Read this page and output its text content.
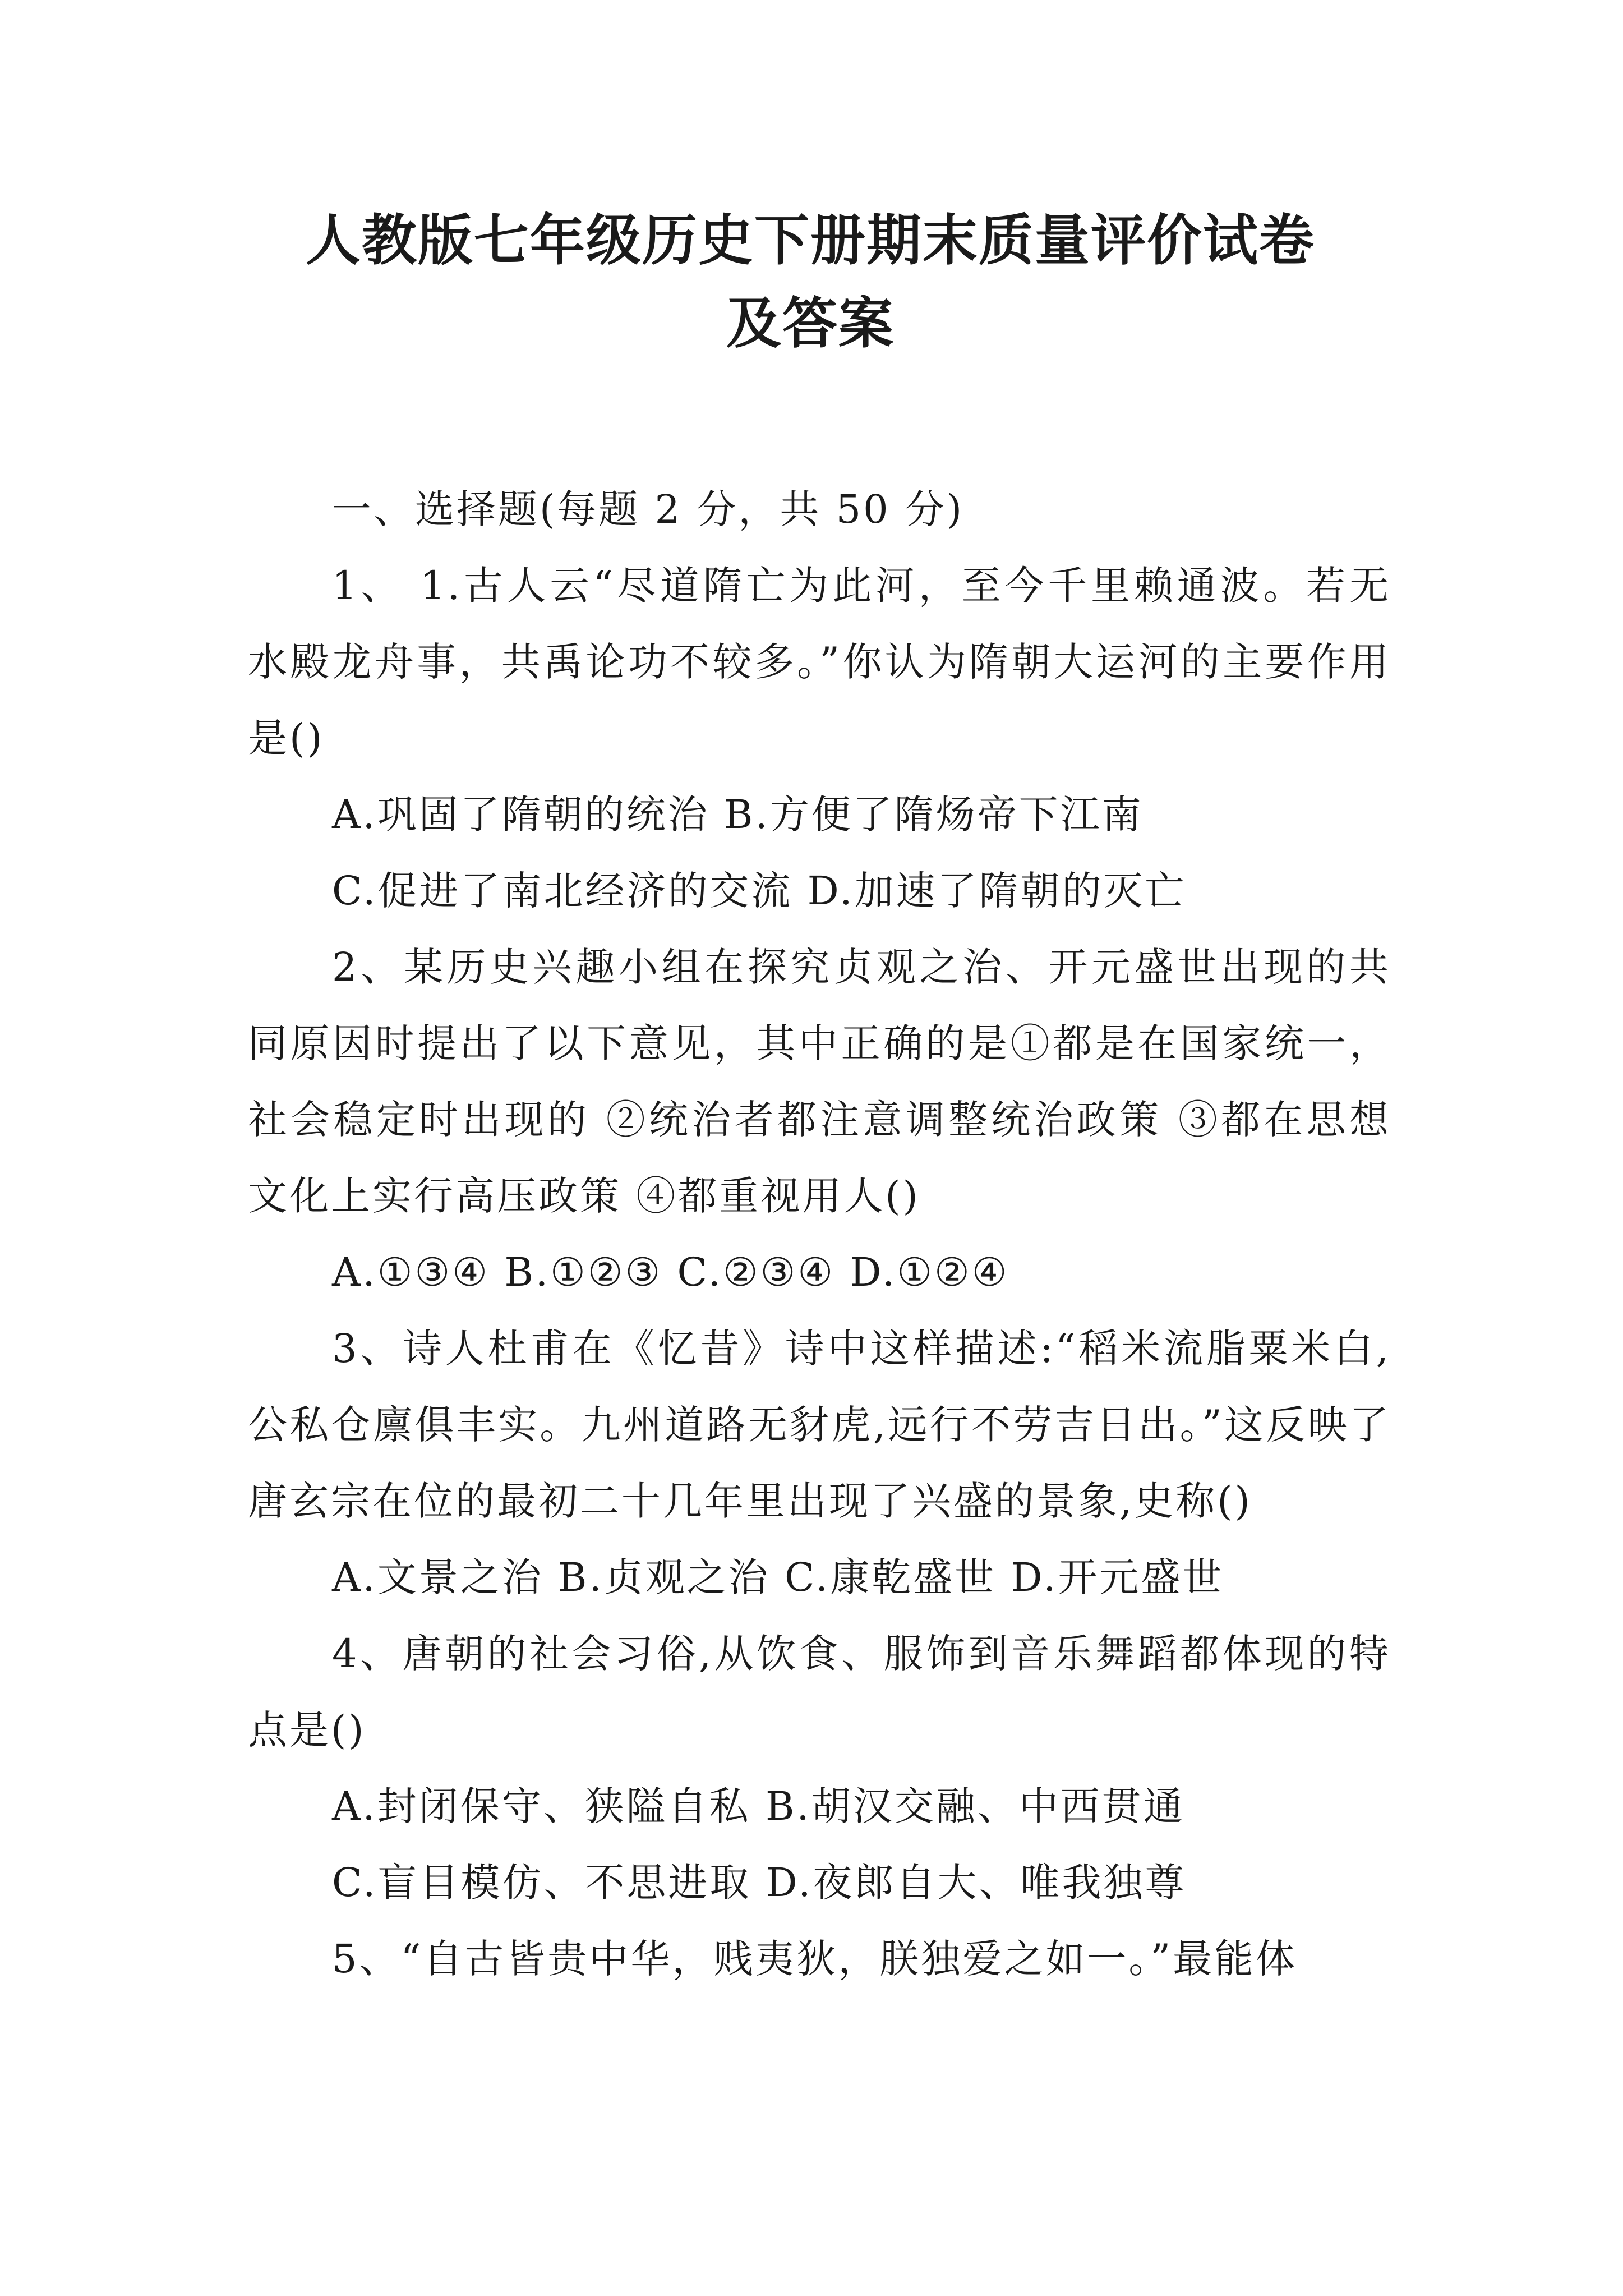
人教版七年级历史下册期末质量评价试卷
及答案

一、选择题(每题 2 分，共 50 分)

1、 1.古人云“尽道隋亡为此河，至今千里赖通波。若无水殿龙舟事，共禹论功不较多。”你认为隋朝大运河的主要作用是()

A.巩固了隋朝的统治 B.方便了隋炀帝下江南

C.促进了南北经济的交流 D.加速了隋朝的灭亡

2、某历史兴趣小组在探究贞观之治、开元盛世出现的共同原因时提出了以下意见，其中正确的是①都是在国家统一，社会稳定时出现的 ②统治者都注意调整统治政策 ③都在思想文化上实行高压政策 ④都重视用人()

A.①③④ B.①②③ C.②③④ D.①②④

3、诗人杜甫在《忆昔》诗中这样描述:“稻米流脂粟米白,公私仓廪俱丰实。九州道路无豺虎,远行不劳吉日出。”这反映了唐玄宗在位的最初二十几年里出现了兴盛的景象,史称()

A.文景之治 B.贞观之治 C.康乾盛世 D.开元盛世

4、唐朝的社会习俗,从饮食、服饰到音乐舞蹈都体现的特点是()

A.封闭保守、狭隘自私 B.胡汉交融、中西贯通

C.盲目模仿、不思进取 D.夜郎自大、唯我独尊

5、“自古皆贵中华，贱夷狄，朕独爱之如一。”最能体
